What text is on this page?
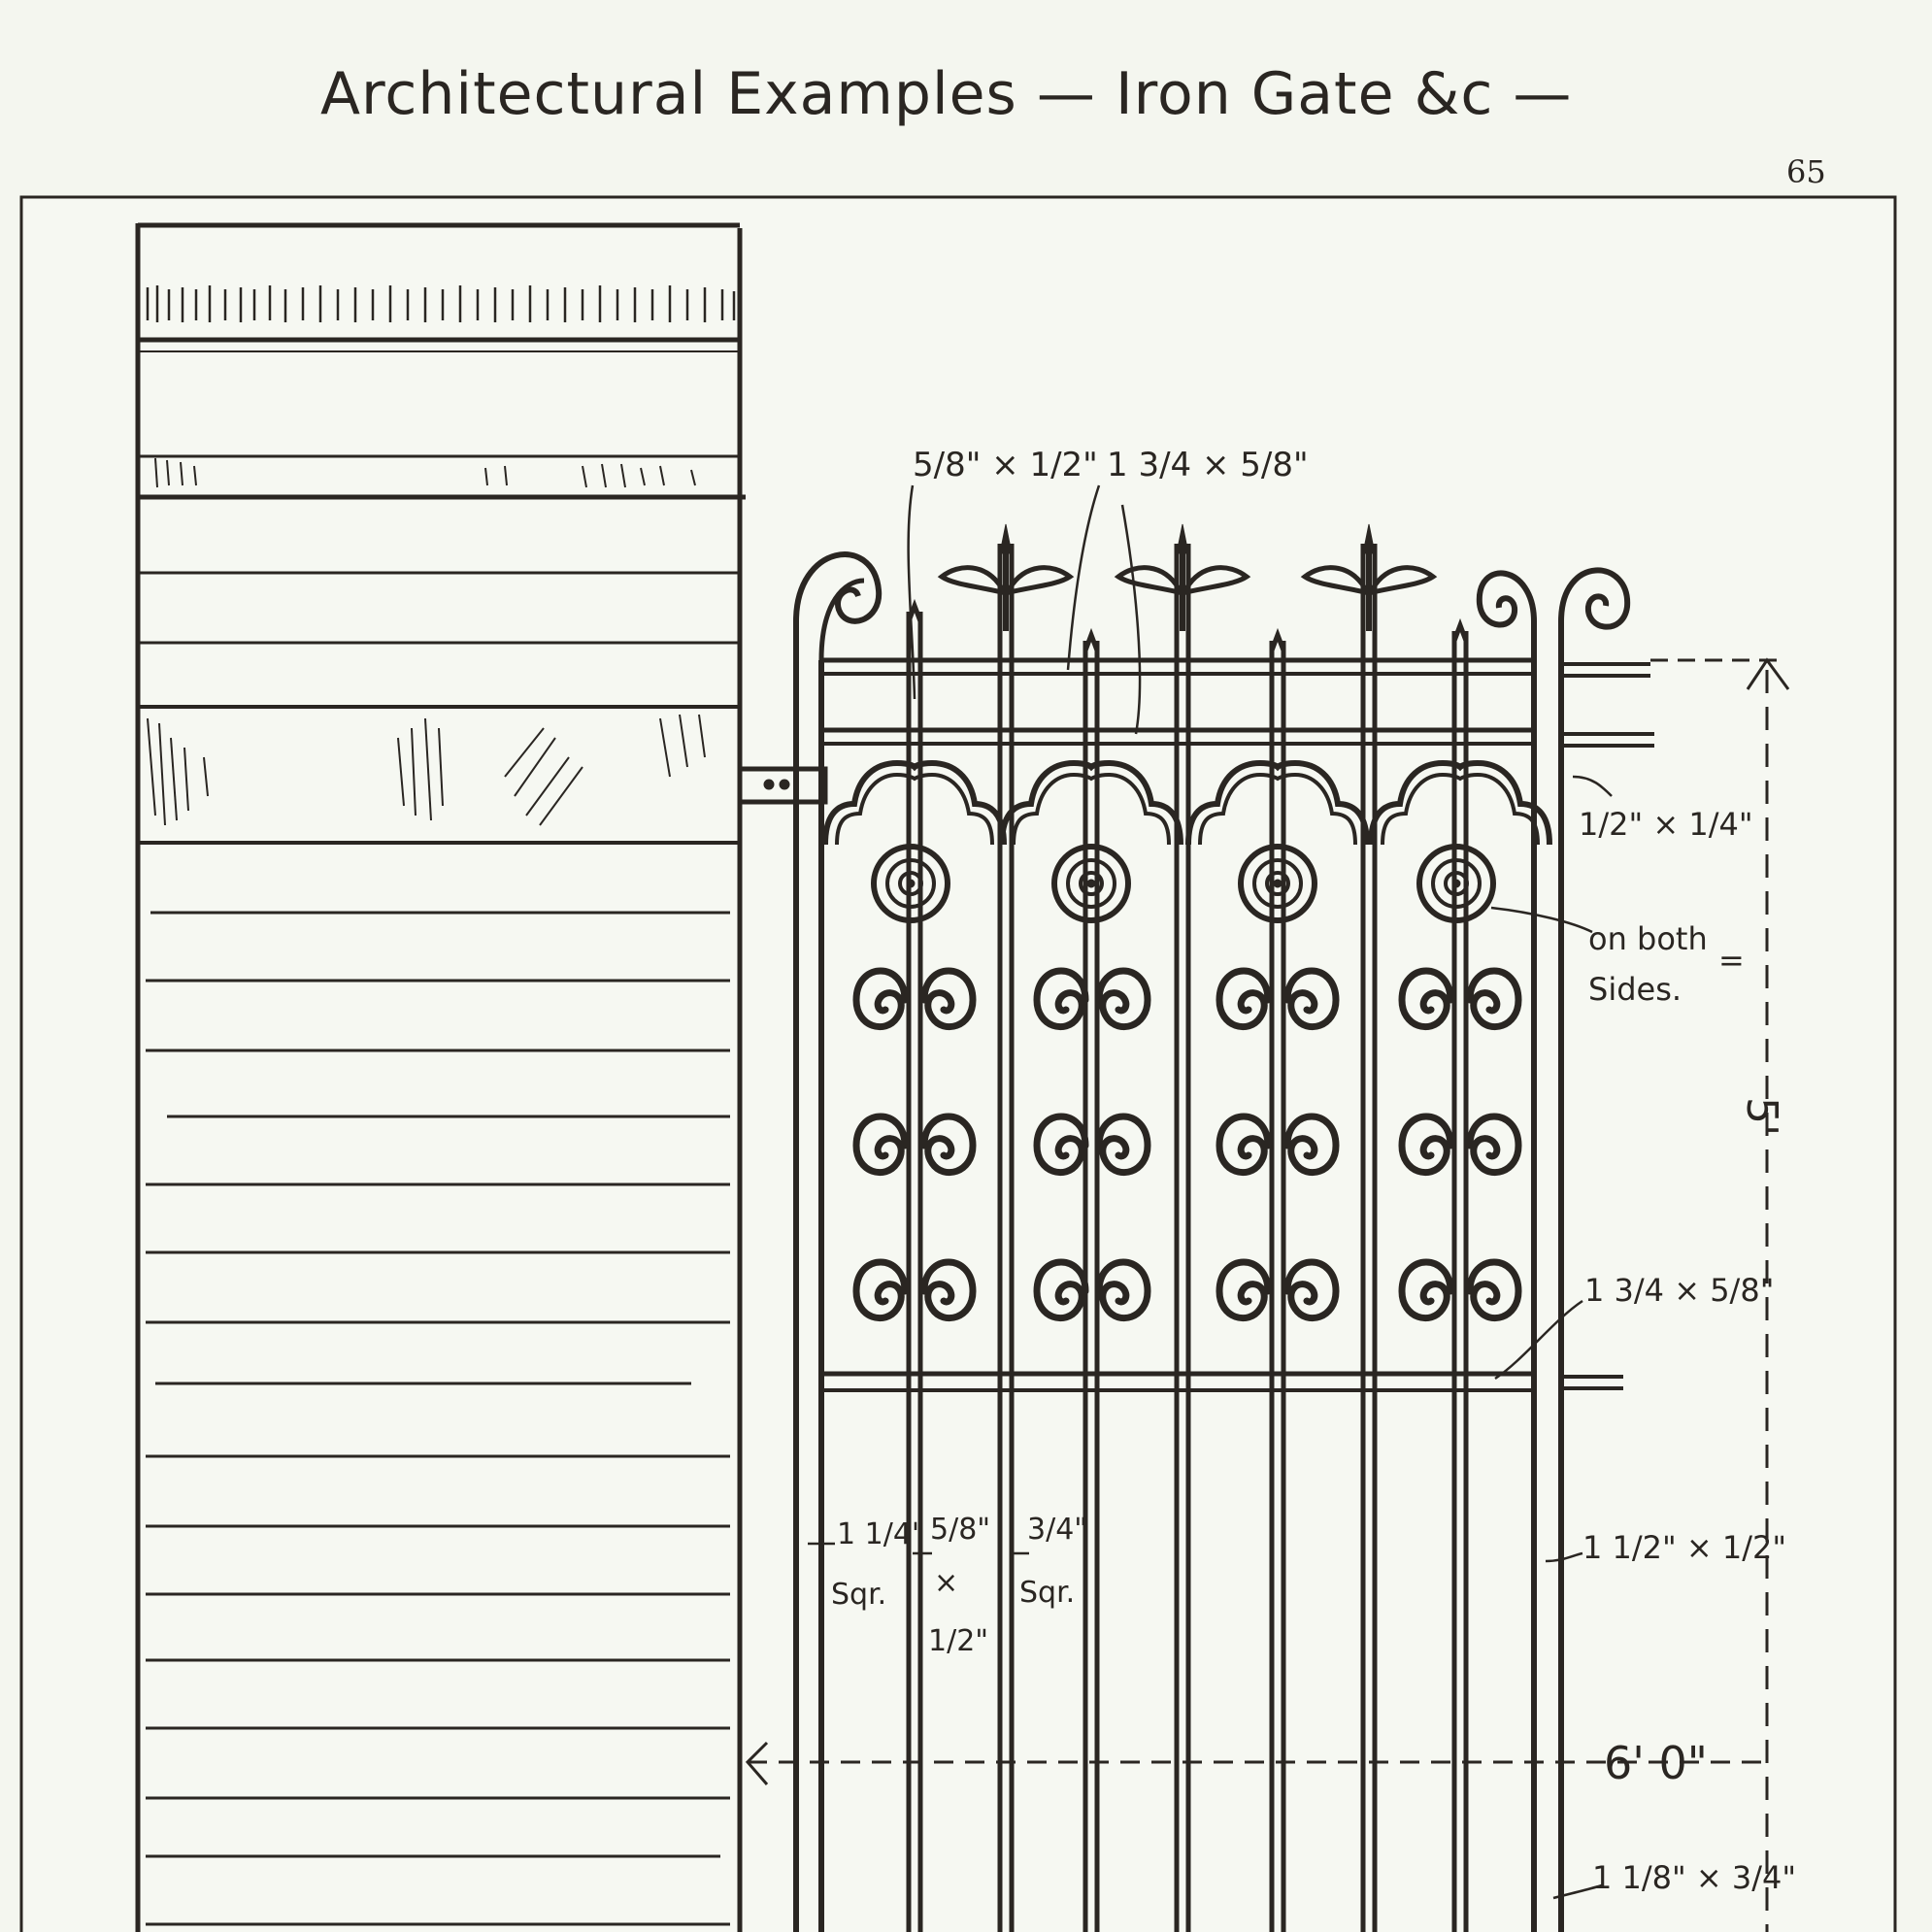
Architectural Examples — Iron Gate &c —
65
5/8" × 1/2" 1 3/4 × 5/8"
1/2" × 1/4"
on both
Sides.
=
5'
1 3/4 × 5/8"
1 1/4"
Sqr.
5/8"
×
1/2"
3/4"
Sqr.
1 1/2" × 1/2"
6' 0"
1 1/8" × 3/4"
